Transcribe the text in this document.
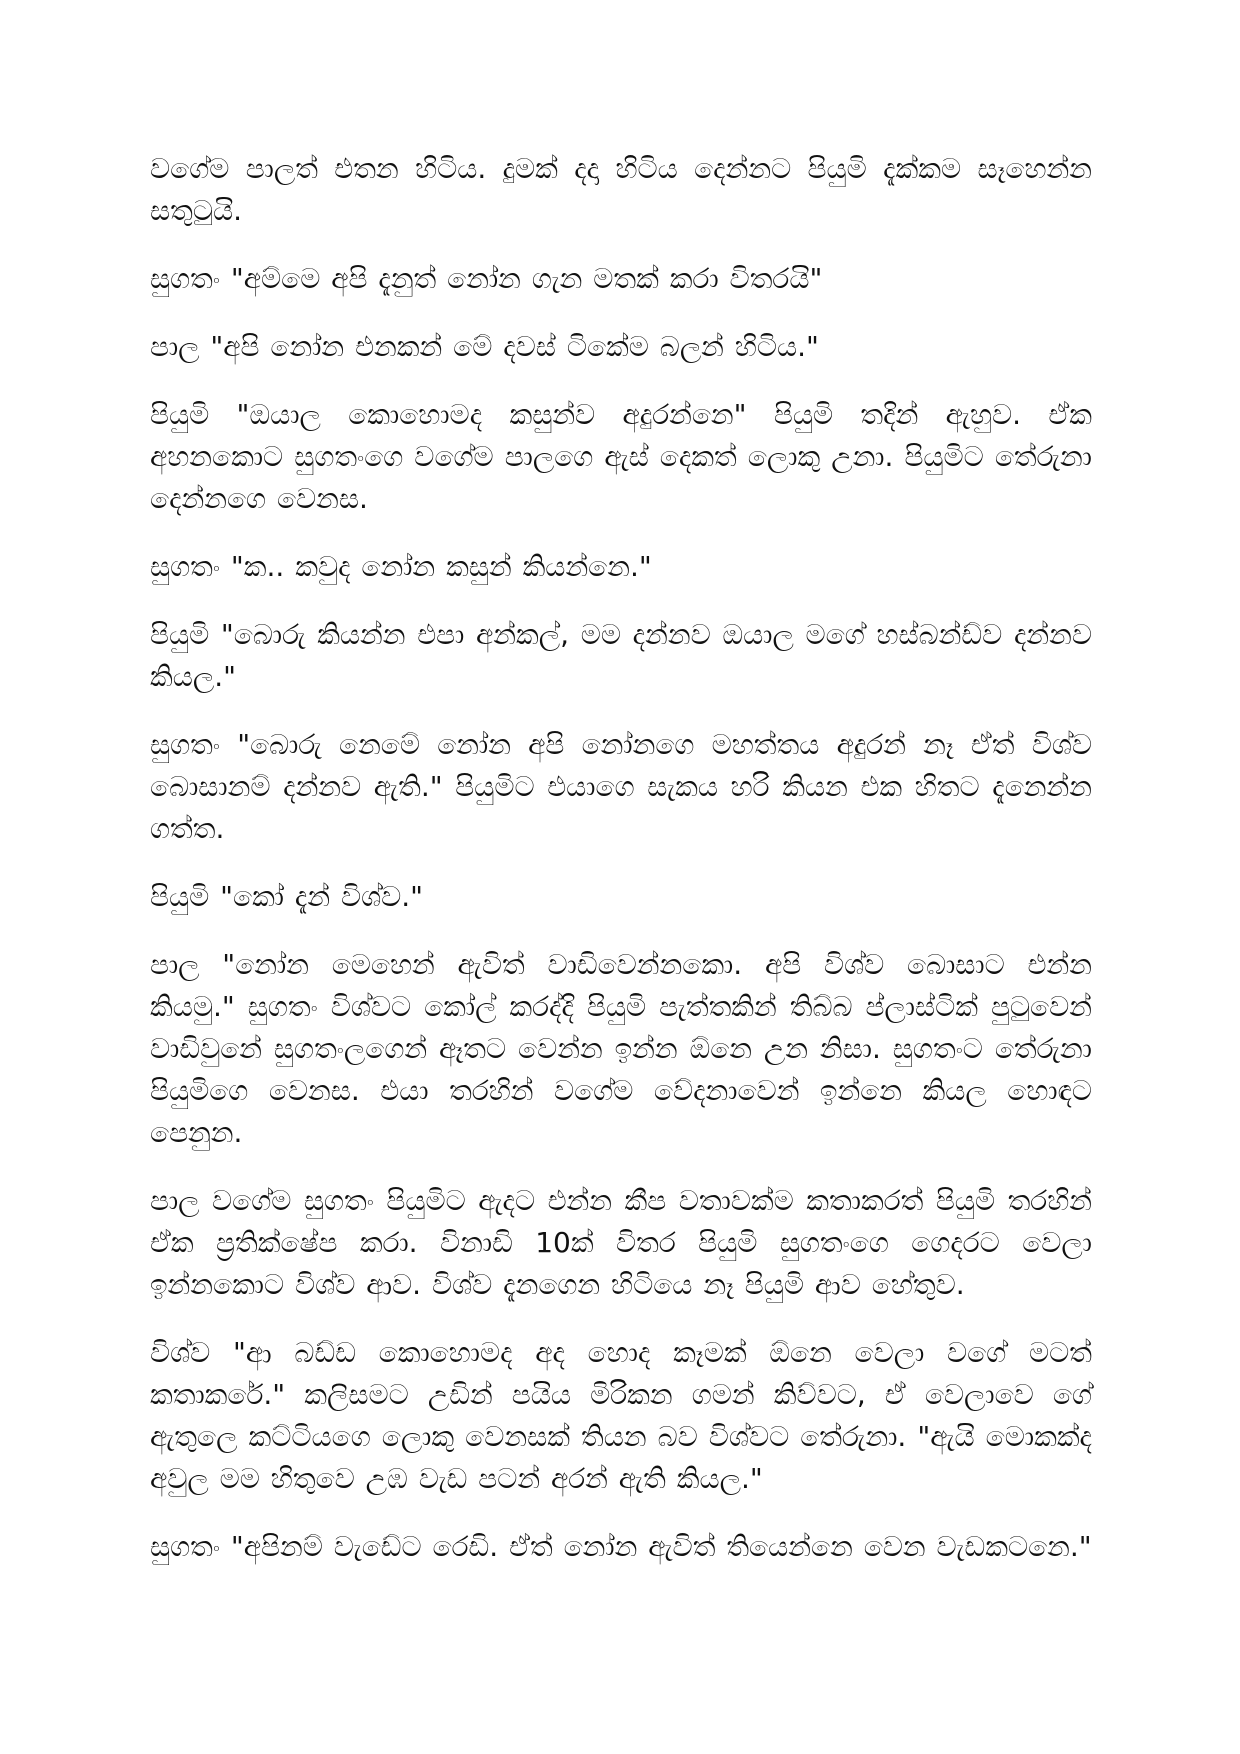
වගේම පාලත් එතන හිටිය. දුමක් දදා හිටිය දෙන්නට පියුමි දැක්කම සෑහෙන්න සතුටුයි.

සුගතං "අම්මෙ අපි දැනුත් නෝන ගැන මතක් කරා විතරයි"

පාල "අපි නෝන එනකන් මේ දවස් ටිකේම බලන් හිටිය."

පියුමි "ඔයාල කොහොමද කසුන්ව අදුරන්නෙ" පියුමි තදින් ඇහුව. ඒක අහනකොට සුගතංගෙ වගේම පාලගෙ ඇස් දෙකත් ලොකු උනා. පියුමිට තේරුනා දෙන්නගෙ වෙනස.

සුගතං "ක.. කවුද නෝන කසුන් කියන්නෙ."

පියුමි "බොරු කියන්න එපා අන්කල්, මම දන්නව ඔයාල මගේ හස්බන්ඩ්ව දන්නව කියල."

සුගතං "බොරු නෙමේ නෝන අපි නෝනගෙ මහත්තය අදුරන් නෑ ඒත් විශ්ව බොසානම් දන්නව ඇති." පියුමිට එයාගෙ සැකය හරි කියන එක හිතට දැනෙන්න ගත්ත.

පියුමි "කෝ දැන් විශ්ව."

පාල "නෝන මෙහෙන් ඇවිත් වාඩිවෙන්නකො. අපි විශ්ව බොසාට එන්න කියමු." සුගතං විශ්වට කෝල් කරද්දි පියුමි පැත්තකින් තිබ්බ ප්ලාස්ටික් පුටුවෙන් වාඩිවුනේ සුගතංලගෙන් ඈතට වෙන්න ඉන්න ඕනෙ උන නිසා. සුගතංට තේරුනා පියුමිගෙ වෙනස. එයා තරහින් වගේම වේදනාවෙන් ඉන්නෙ කියල හොඳට පෙනුන.

පාල වගේම සුගතං පියුමිට ඇදට එන්න කීප වතාවක්ම කතාකරත් පියුමි තරහින් ඒක ප්‍රතික්ෂේප කරා. විනාඩි 10ක් විතර පියුමි සුගතංගෙ ගෙදරට වෙලා ඉන්නකොට විශ්ව ආව. විශ්ව දැනගෙන හිටියෙ නෑ පියුමි ආව හේතුව.

විශ්ව "ආ බඩ්ඩ කොහොමද අද හොද කෑමක් ඕනෙ වෙලා වගේ මටත් කතාකරේ." කලිසමට උඩින් පයිය මිරිකන ගමන් කිව්වට, ඒ වෙලාවෙ ගේ ඇතුලෙ කට්ටියගෙ ලොකු වෙනසක් තියන බව විශ්වට තේරුනා. "ඇයි මොකක්ද අවුල මම හිතුවෙ උඹ වැඩ පටන් අරන් ඇති කියල."

සුගතං "අපිනම් වැඩේට රෙඩි. ඒත් නෝන ඇවිත් තියෙන්නෙ වෙන වැඩකටනෙ."
